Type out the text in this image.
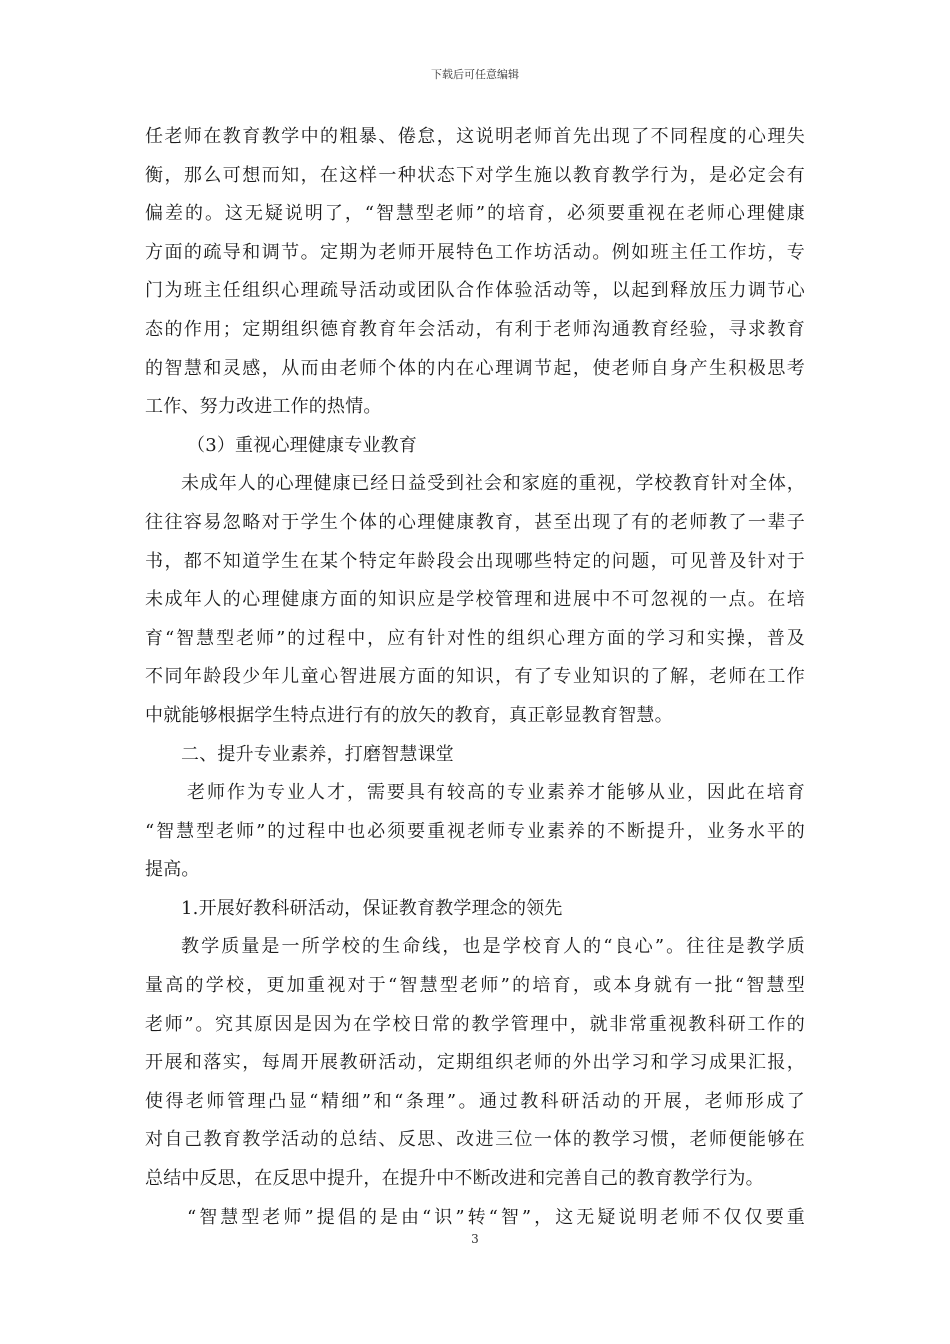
下载后可任意编辑
任老师在教育教学中的粗暴、倦怠，这说明老师首先出现了不同程度的心理失
衡，那么可想而知，在这样一种状态下对学生施以教育教学行为，是必定会有
偏差的。这无疑说明了，“智慧型老师”的培育，必须要重视在老师心理健康
方面的疏导和调节。定期为老师开展特色工作坊活动。例如班主任工作坊，专
门为班主任组织心理疏导活动或团队合作体验活动等，以起到释放压力调节心
态的作用；定期组织德育教育年会活动，有利于老师沟通教育经验，寻求教育
的智慧和灵感，从而由老师个体的内在心理调节起，使老师自身产生积极思考
工作、努力改进工作的热情。
（3）重视心理健康专业教育
未成年人的心理健康已经日益受到社会和家庭的重视，学校教育针对全体，
往往容易忽略对于学生个体的心理健康教育，甚至出现了有的老师教了一辈子
书，都不知道学生在某个特定年龄段会出现哪些特定的问题，可见普及针对于
未成年人的心理健康方面的知识应是学校管理和进展中不可忽视的一点。在培
育“智慧型老师”的过程中，应有针对性的组织心理方面的学习和实操，普及
不同年龄段少年儿童心智进展方面的知识，有了专业知识的了解，老师在工作
中就能够根据学生特点进行有的放矢的教育，真正彰显教育智慧。
二、提升专业素养，打磨智慧课堂
老师作为专业人才，需要具有较高的专业素养才能够从业，因此在培育
“智慧型老师”的过程中也必须要重视老师专业素养的不断提升，业务水平的
提高。
1.开展好教科研活动，保证教育教学理念的领先
教学质量是一所学校的生命线，也是学校育人的“良心”。往往是教学质
量高的学校，更加重视对于“智慧型老师”的培育，或本身就有一批“智慧型
老师”。究其原因是因为在学校日常的教学管理中，就非常重视教科研工作的
开展和落实，每周开展教研活动，定期组织老师的外出学习和学习成果汇报，
使得老师管理凸显“精细”和“条理”。通过教科研活动的开展，老师形成了
对自己教育教学活动的总结、反思、改进三位一体的教学习惯，老师便能够在
总结中反思，在反思中提升，在提升中不断改进和完善自己的教育教学行为。
“智慧型老师”提倡的是由“识”转“智”，这无疑说明老师不仅仅要重
3
